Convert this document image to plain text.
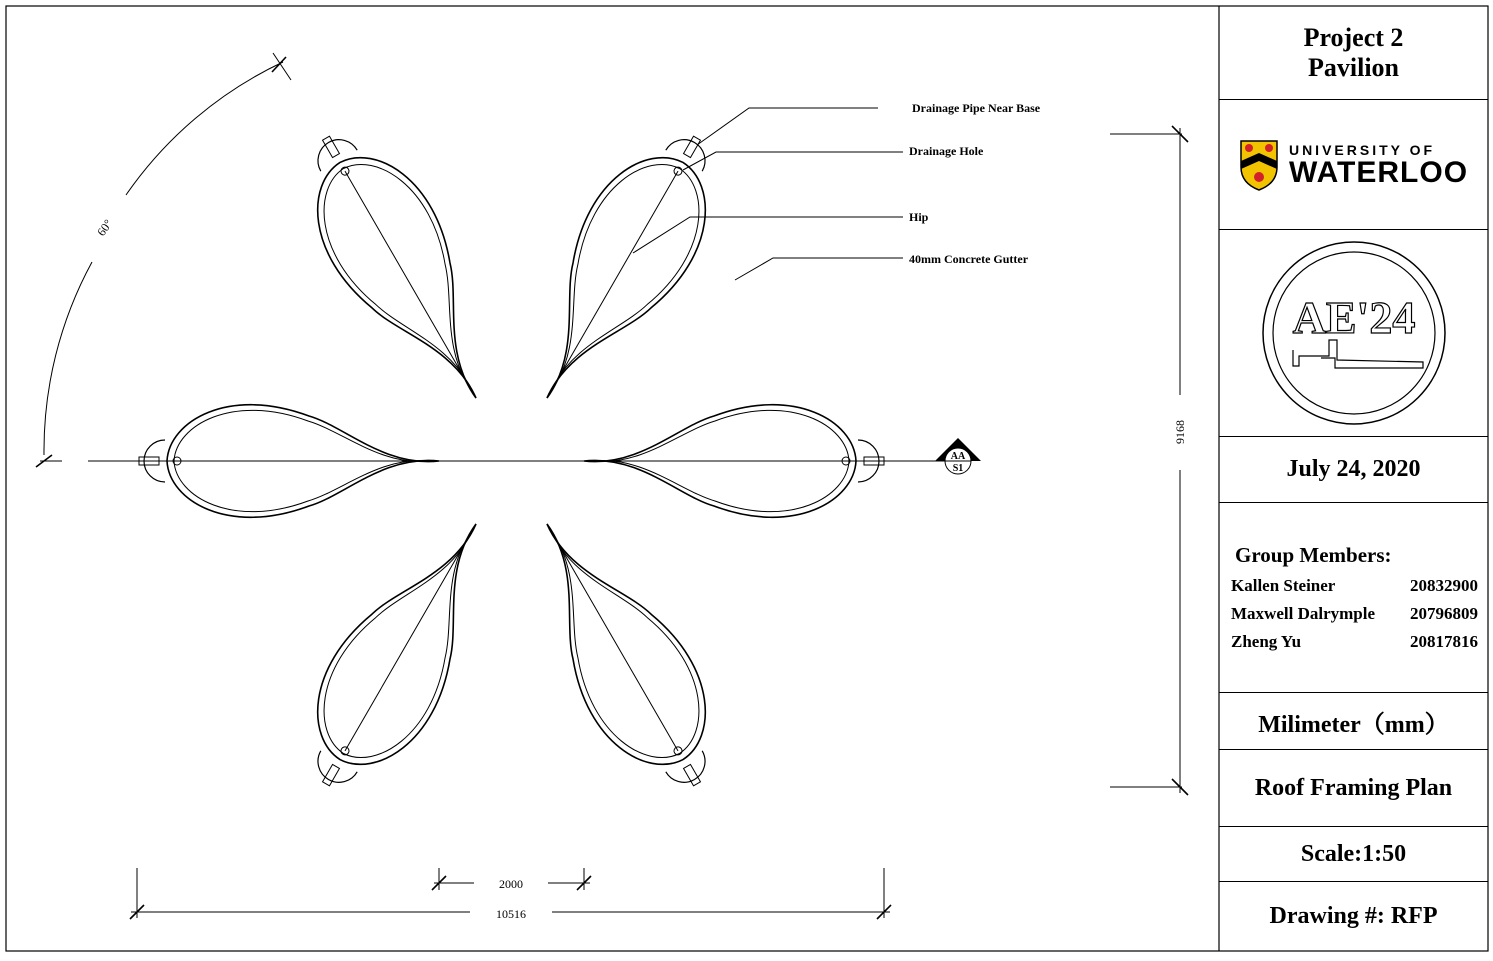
AA
S1
60°
Drainage Pipe Near Base
Drainage Hole
Hip
40mm Concrete Gutter
9168
2000
10516
Project 2
Pavilion
UNIVERSITY OF
WATERLOO
AE'24
July 24, 2020
Group Members:
Kallen Steiner	20832900
Maxwell Dalrymple 20796809
Zheng Yu	20817816
Milimeter（mm）
Roof Framing Plan
Scale:1:50
Drawing #: RFP
